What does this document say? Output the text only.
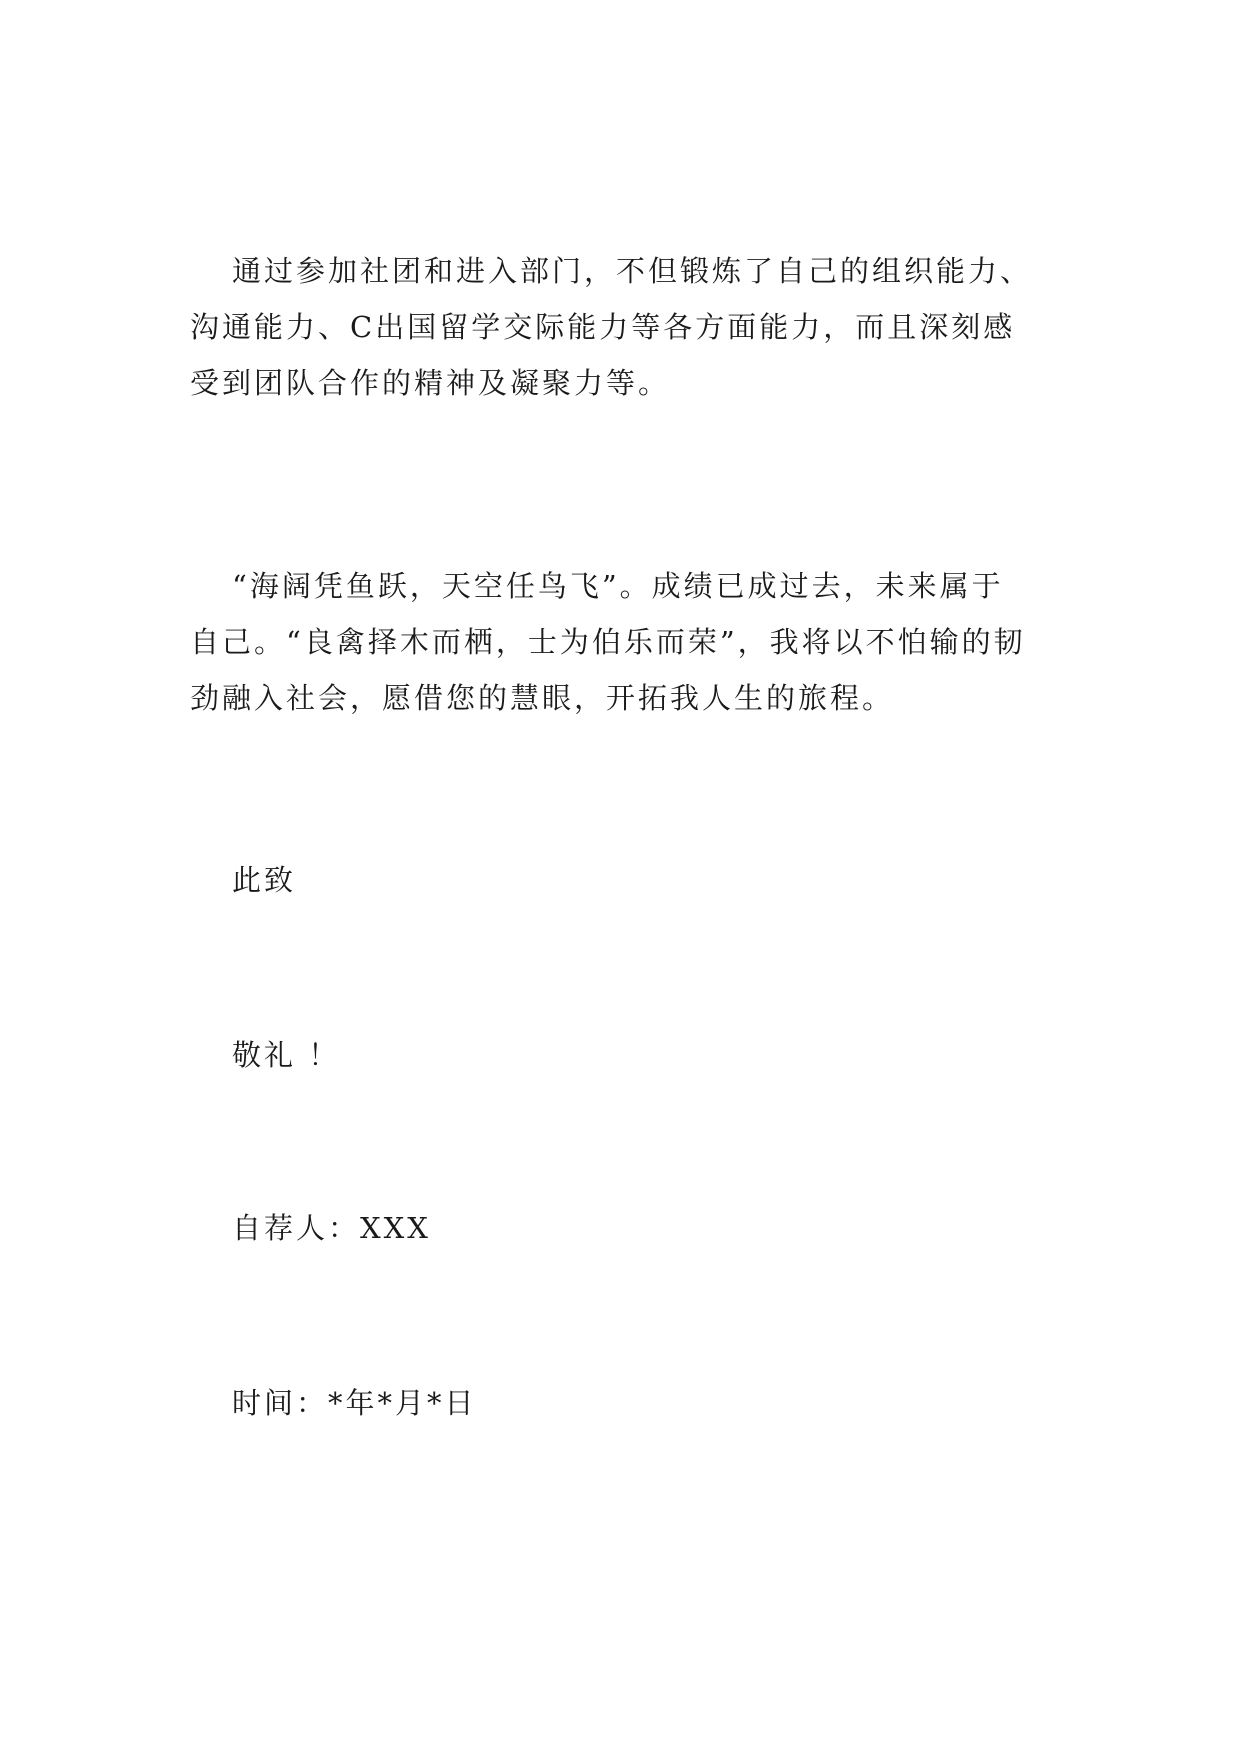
通过参加社团和进入部门，不但锻炼了自己的组织能力、
沟通能力、C出国留学交际能力等各方面能力，而且深刻感
受到团队合作的精神及凝聚力等。

“海阔凭鱼跃，天空任鸟飞”。成绩已成过去，未来属于
自己。“良禽择木而栖，士为伯乐而荣”，我将以不怕输的韧
劲融入社会，愿借您的慧眼，开拓我人生的旅程。

此致

敬礼 ！

自荐人：XXX

时间：*年*月*日
